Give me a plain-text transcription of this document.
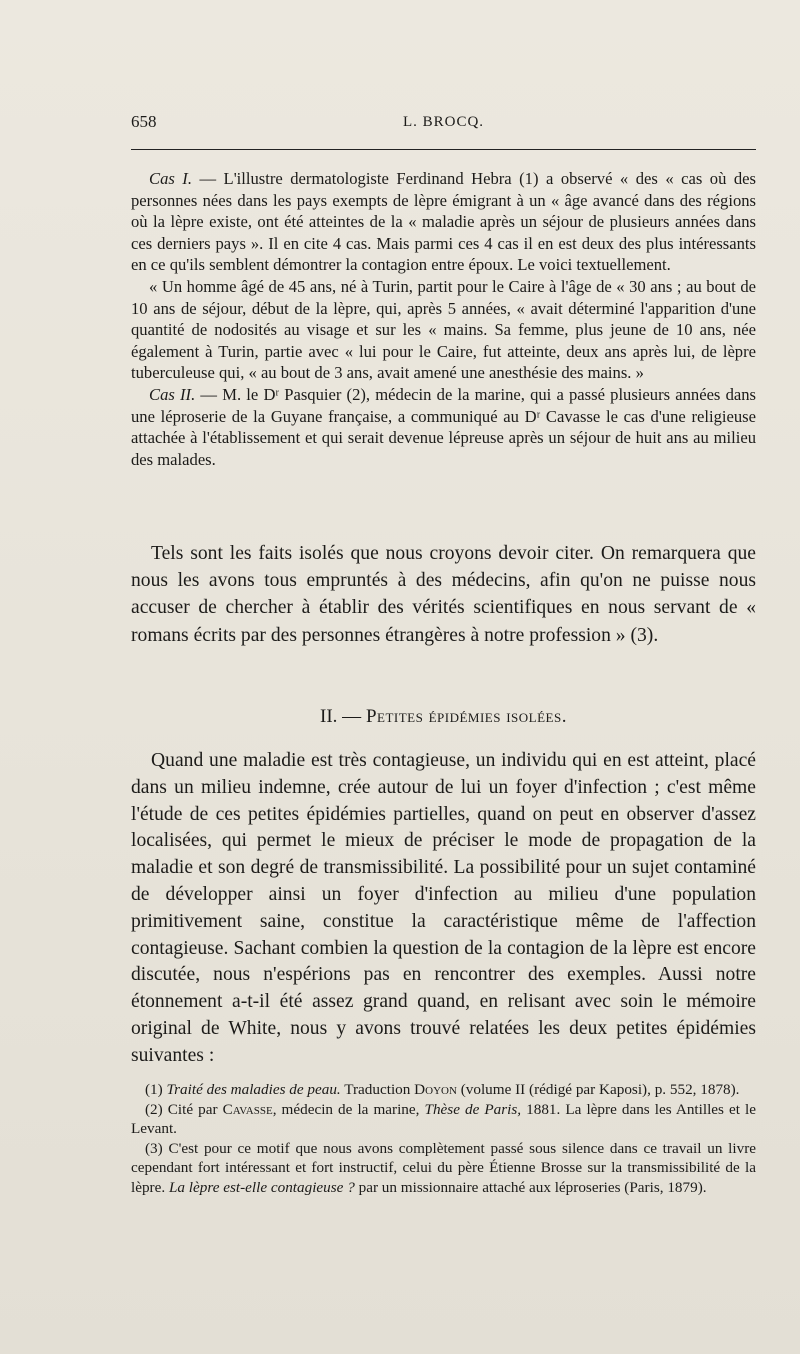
658	L. BROCQ.

Cas I. — L'illustre dermatologiste Ferdinand Hebra (1) a observé « des « cas où des personnes nées dans les pays exempts de lèpre émigrant à un « âge avancé dans des régions où la lèpre existe, ont été atteintes de la « maladie après un séjour de plusieurs années dans ces derniers pays ». Il en cite 4 cas. Mais parmi ces 4 cas il en est deux des plus intéressants en ce qu'ils semblent démontrer la contagion entre époux. Le voici textuellement.

« Un homme âgé de 45 ans, né à Turin, partit pour le Caire à l'âge de « 30 ans ; au bout de 10 ans de séjour, début de la lèpre, qui, après 5 années, « avait déterminé l'apparition d'une quantité de nodosités au visage et sur les « mains. Sa femme, plus jeune de 10 ans, née également à Turin, partie avec « lui pour le Caire, fut atteinte, deux ans après lui, de lèpre tuberculeuse qui, « au bout de 3 ans, avait amené une anesthésie des mains. »

Cas II. — M. le Dʳ Pasquier (2), médecin de la marine, qui a passé plusieurs années dans une léproserie de la Guyane française, a communiqué au Dʳ Cavasse le cas d'une religieuse attachée à l'établissement et qui serait devenue lépreuse après un séjour de huit ans au milieu des malades.

Tels sont les faits isolés que nous croyons devoir citer. On remarquera que nous les avons tous empruntés à des médecins, afin qu'on ne puisse nous accuser de chercher à établir des vérités scientifiques en nous servant de « romans écrits par des personnes étrangères à notre profession » (3).

II. — Petites épidémies isolées.

Quand une maladie est très contagieuse, un individu qui en est atteint, placé dans un milieu indemne, crée autour de lui un foyer d'infection ; c'est même l'étude de ces petites épidémies partielles, quand on peut en observer d'assez localisées, qui permet le mieux de préciser le mode de propagation de la maladie et son degré de transmissibilité. La possibilité pour un sujet contaminé de développer ainsi un foyer d'infection au milieu d'une population primitivement saine, constitue la caractéristique même de l'affection contagieuse. Sachant combien la question de la contagion de la lèpre est encore discutée, nous n'espérions pas en rencontrer des exemples. Aussi notre étonnement a-t-il été assez grand quand, en relisant avec soin le mémoire original de White, nous y avons trouvé relatées les deux petites épidémies suivantes :

(1) Traité des maladies de peau. Traduction Doyon (volume II (rédigé par Kaposi), p. 552, 1878).

(2) Cité par Cavasse, médecin de la marine, Thèse de Paris, 1881. La lèpre dans les Antilles et le Levant.

(3) C'est pour ce motif que nous avons complètement passé sous silence dans ce travail un livre cependant fort intéressant et fort instructif, celui du père Étienne Brosse sur la transmissibilité de la lèpre. La lèpre est-elle contagieuse ? par un missionnaire attaché aux léproseries (Paris, 1879).
